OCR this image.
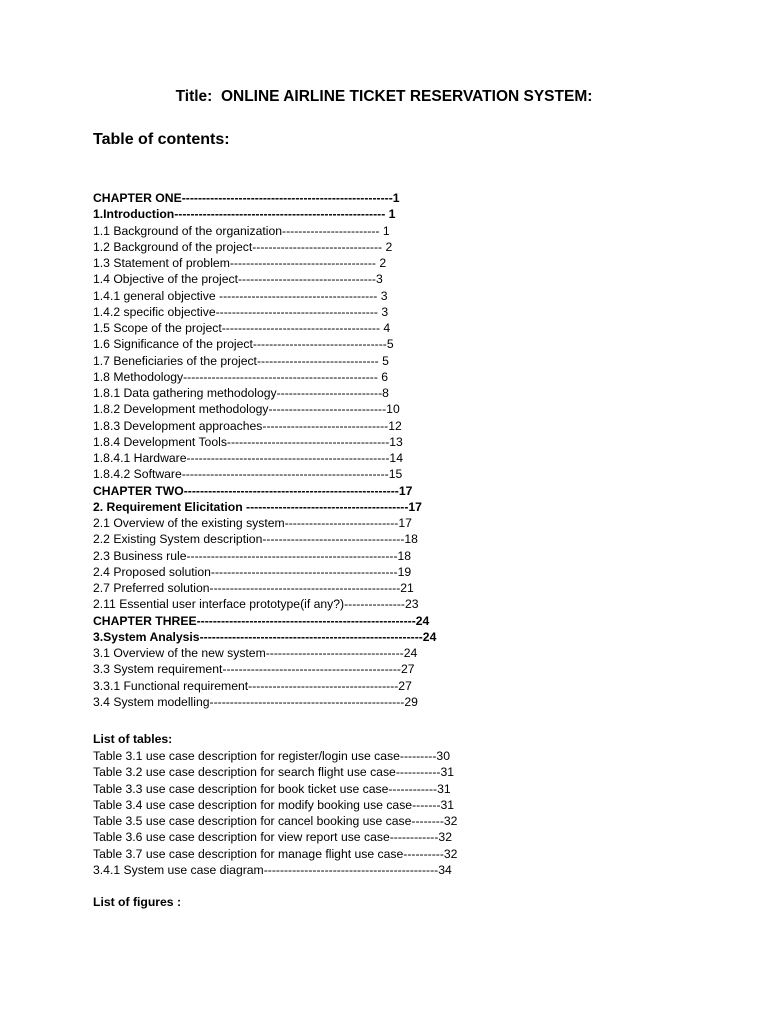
Title:  ONLINE AIRLINE TICKET RESERVATION SYSTEM:
Table of contents:
CHAPTER ONE----------------------------------------------------1
1.Introduction---------------------------------------------------- 1
1.1 Background of the organization------------------------ 1
1.2 Background of the project-------------------------------- 2
1.3 Statement of problem------------------------------------ 2
1.4 Objective of the project----------------------------------3
1.4.1 general objective --------------------------------------- 3
1.4.2 specific objective---------------------------------------- 3
1.5 Scope of the project--------------------------------------- 4
1.6 Significance of the project---------------------------------5
1.7 Beneficiaries of the project------------------------------ 5
1.8 Methodology------------------------------------------------ 6
1.8.1 Data gathering methodology--------------------------8
1.8.2 Development methodology-----------------------------10
1.8.3 Development approaches-------------------------------12
1.8.4 Development Tools----------------------------------------13
1.8.4.1 Hardware--------------------------------------------------14
1.8.4.2 Software---------------------------------------------------15
CHAPTER TWO-----------------------------------------------------17
2. Requirement Elicitation ----------------------------------------17
2.1 Overview of the existing system----------------------------17
2.2 Existing System description-----------------------------------18
2.3 Business rule----------------------------------------------------18
2.4 Proposed solution----------------------------------------------19
2.7 Preferred solution-----------------------------------------------21
2.11 Essential user interface prototype(if any?)---------------23
CHAPTER THREE------------------------------------------------------24
3.System Analysis-------------------------------------------------------24
3.1 Overview of the new system----------------------------------24
3.3 System requirement--------------------------------------------27
3.3.1 Functional requirement-------------------------------------27
3.4 System modelling------------------------------------------------29
List of tables:
Table 3.1 use case description for register/login use case---------30
Table 3.2 use case description for search flight use case-----------31
Table 3.3 use case description for book ticket use case------------31
Table 3.4 use case description for modify booking use case-------31
Table 3.5 use case description for cancel booking use case--------32
Table 3.6 use case description for view report use case------------32
Table 3.7 use case description for manage flight use case----------32
3.4.1 System use case diagram-------------------------------------------34
List of figures :
